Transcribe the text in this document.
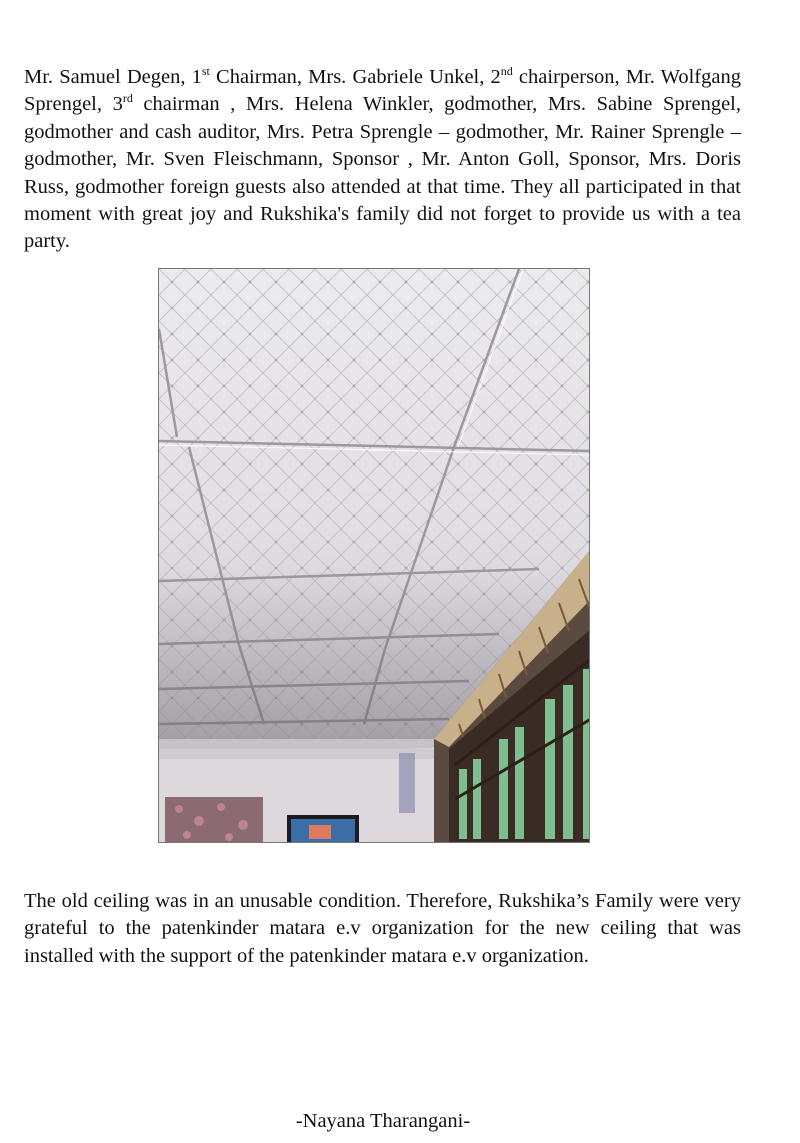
Mr. Samuel Degen, 1st Chairman, Mrs. Gabriele Unkel, 2nd chairperson, Mr. Wolfgang Sprengel, 3rd chairman , Mrs. Helena Winkler, godmother, Mrs. Sabine Sprengel, godmother and cash auditor, Mrs. Petra Sprengle – godmother, Mr. Rainer Sprengle – godmother, Mr. Sven Fleischmann, Sponsor , Mr. Anton Goll, Sponsor, Mrs. Doris Russ, godmother foreign guests also attended at that time. They all participated in that moment with great joy and Rukshika's family did not forget to provide us with a tea party.

The old ceiling was in an unusable condition. Therefore, Rukshika’s Family were very grateful to the patenkinder matara e.v organization for the new ceiling that was installed with the support of the patenkinder matara e.v organization.

-Nayana Tharangani-
